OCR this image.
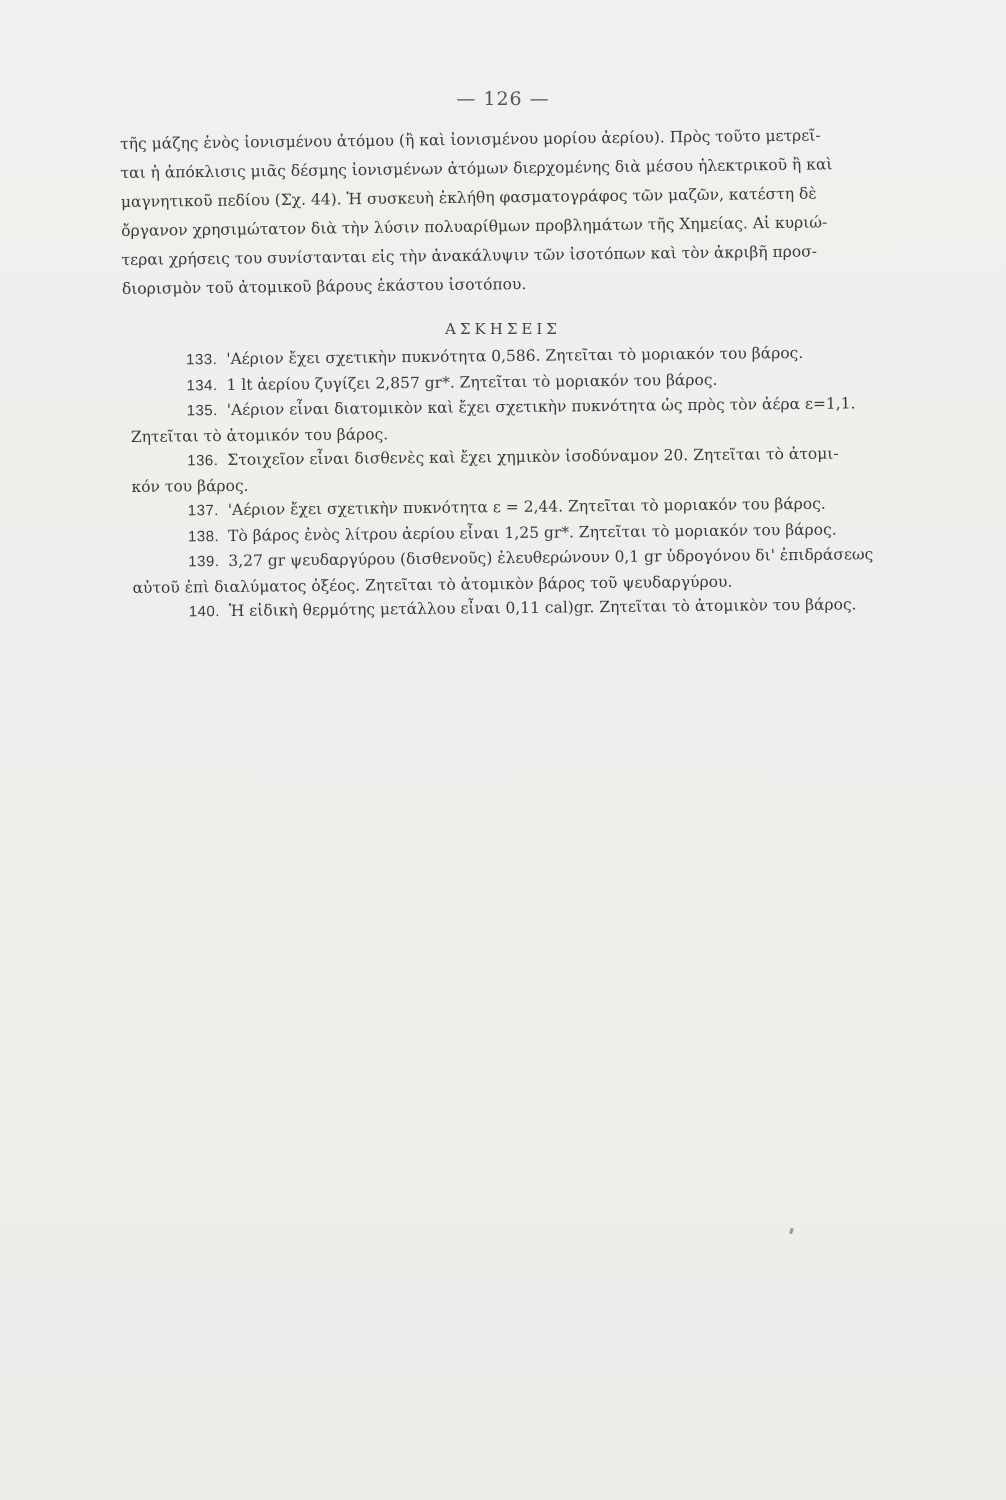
— 126 —
τῆς μάζης ἑνὸς ἰονισμένου ἀτόμου (ἢ καὶ ἰονισμένου μορίου ἀερίου). Πρὸς τοῦτο μετρεῖ-
ται ἡ ἀπόκλισις μιᾶς δέσμης ἰονισμένων ἀτόμων διερχομένης διὰ μέσου ἠλεκτρικοῦ ἢ καὶ
μαγνητικοῦ πεδίου (Σχ. 44). Ἡ συσκευὴ ἐκλήθη φασματογράφος τῶν μαζῶν, κατέστη δὲ
ὄργανον χρησιμώτατον διὰ τὴν λύσιν πολυαρίθμων προβλημάτων τῆς Χημείας. Αἱ κυριώ-
τεραι χρήσεις του συνίστανται εἰς τὴν ἀνακάλυψιν τῶν ἰσοτόπων καὶ τὸν ἀκριβῆ προσ-
διορισμὸν τοῦ ἀτομικοῦ βάρους ἑκάστου ἰσοτόπου.
ΑΣΚΗΣΕΙΣ
133. 'Αέριον ἔχει σχετικὴν πυκνότητα 0,586. Ζητεῖται τὸ μοριακόν του βάρος.
134. 1 lt ἀερίου ζυγίζει 2,857 gr*. Ζητεῖται τὸ μοριακόν του βάρος.
135. 'Αέριον εἶναι διατομικὸν καὶ ἔχει σχετικὴν πυκνότητα ὡς πρὸς τὸν ἀέρα ε=1,1.
Ζητεῖται τὸ ἀτομικόν του βάρος.
136. Στοιχεῖον εἶναι δισθενὲς καὶ ἔχει χημικὸν ἰσοδύναμον 20. Ζητεῖται τὸ ἀτομι-
κόν του βάρος.
137. 'Αέριον ἔχει σχετικὴν πυκνότητα ε = 2,44. Ζητεῖται τὸ μοριακόν του βάρος.
138. Τὸ βάρος ἑνὸς λίτρου ἀερίου εἶναι 1,25 gr*. Ζητεῖται τὸ μοριακόν του βάρος.
139. 3,27 gr ψευδαργύρου (δισθενοῦς) ἐλευθερώνουν 0,1 gr ὑδρογόνου δι' ἐπιδράσεως
αὐτοῦ ἐπὶ διαλύματος ὀξέος. Ζητεῖται τὸ ἀτομικὸν βάρος τοῦ ψευδαργύρου.
140. Ἡ εἰδικὴ θερμότης μετάλλου εἶναι 0,11 cal)gr. Ζητεῖται τὸ ἀτομικὸν του βάρος.
